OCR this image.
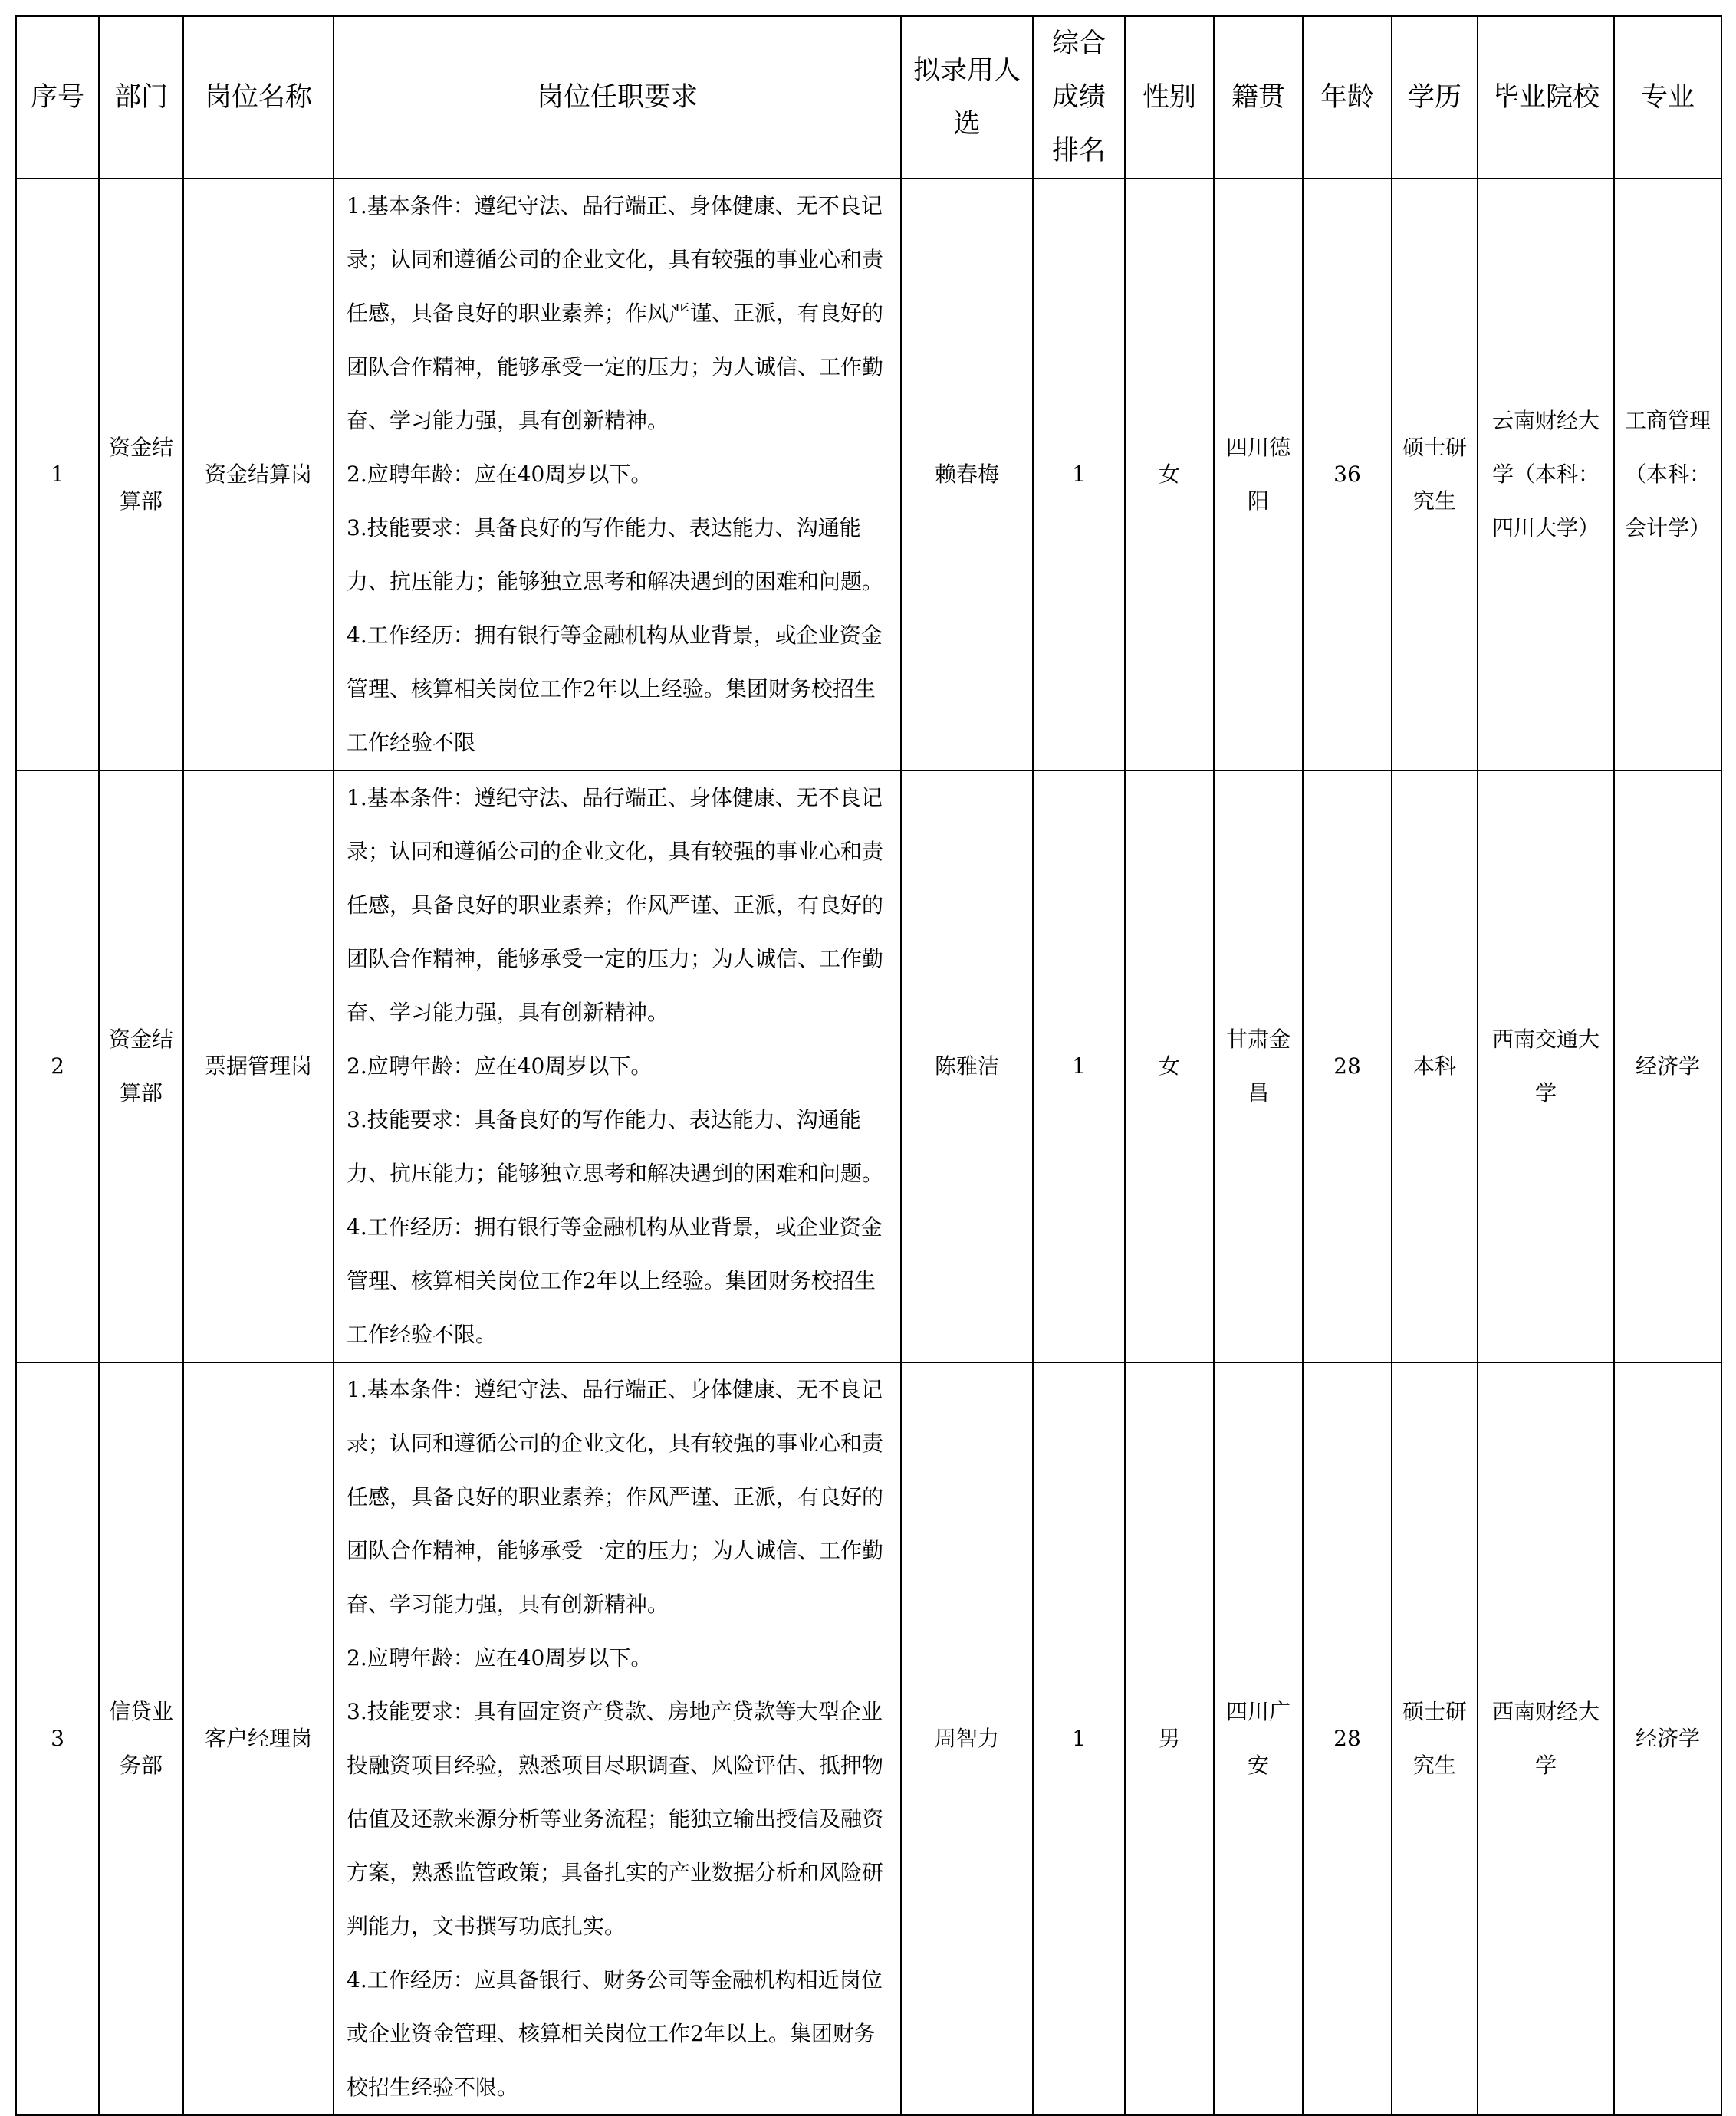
序号	部门	岗位名称	岗位任职要求	拟录用人选	综合成绩排名	性别	籍贯	年龄	学历	毕业院校	专业
1	资金结算部	资金结算岗	1.基本条件：遵纪守法、品行端正、身体健康、无不良记录；认同和遵循公司的企业文化，具有较强的事业心和责任感，具备良好的职业素养；作风严谨、正派，有良好的团队合作精神，能够承受一定的压力；为人诚信、工作勤奋、学习能力强，具有创新精神。
2.应聘年龄：应在40周岁以下。
3.技能要求：具备良好的写作能力、表达能力、沟通能力、抗压能力；能够独立思考和解决遇到的困难和问题。
4.工作经历：拥有银行等金融机构从业背景，或企业资金管理、核算相关岗位工作2年以上经验。集团财务校招生工作经验不限	赖春梅	1	女	四川德阳	36	硕士研究生	云南财经大学（本科：四川大学）	工商管理（本科：会计学）
2	资金结算部	票据管理岗	1.基本条件：遵纪守法、品行端正、身体健康、无不良记录；认同和遵循公司的企业文化，具有较强的事业心和责任感，具备良好的职业素养；作风严谨、正派，有良好的团队合作精神，能够承受一定的压力；为人诚信、工作勤奋、学习能力强，具有创新精神。
2.应聘年龄：应在40周岁以下。
3.技能要求：具备良好的写作能力、表达能力、沟通能力、抗压能力；能够独立思考和解决遇到的困难和问题。
4.工作经历：拥有银行等金融机构从业背景，或企业资金管理、核算相关岗位工作2年以上经验。集团财务校招生工作经验不限。	陈雅洁	1	女	甘肃金昌	28	本科	西南交通大学	经济学
3	信贷业务部	客户经理岗	1.基本条件：遵纪守法、品行端正、身体健康、无不良记录；认同和遵循公司的企业文化，具有较强的事业心和责任感，具备良好的职业素养；作风严谨、正派，有良好的团队合作精神，能够承受一定的压力；为人诚信、工作勤奋、学习能力强，具有创新精神。
2.应聘年龄：应在40周岁以下。
3.技能要求：具有固定资产贷款、房地产贷款等大型企业投融资项目经验，熟悉项目尽职调查、风险评估、抵押物估值及还款来源分析等业务流程；能独立输出授信及融资方案，熟悉监管政策；具备扎实的产业数据分析和风险研判能力，文书撰写功底扎实。
4.工作经历：应具备银行、财务公司等金融机构相近岗位或企业资金管理、核算相关岗位工作2年以上。集团财务校招生经验不限。	周智力	1	男	四川广安	28	硕士研究生	西南财经大学	经济学
